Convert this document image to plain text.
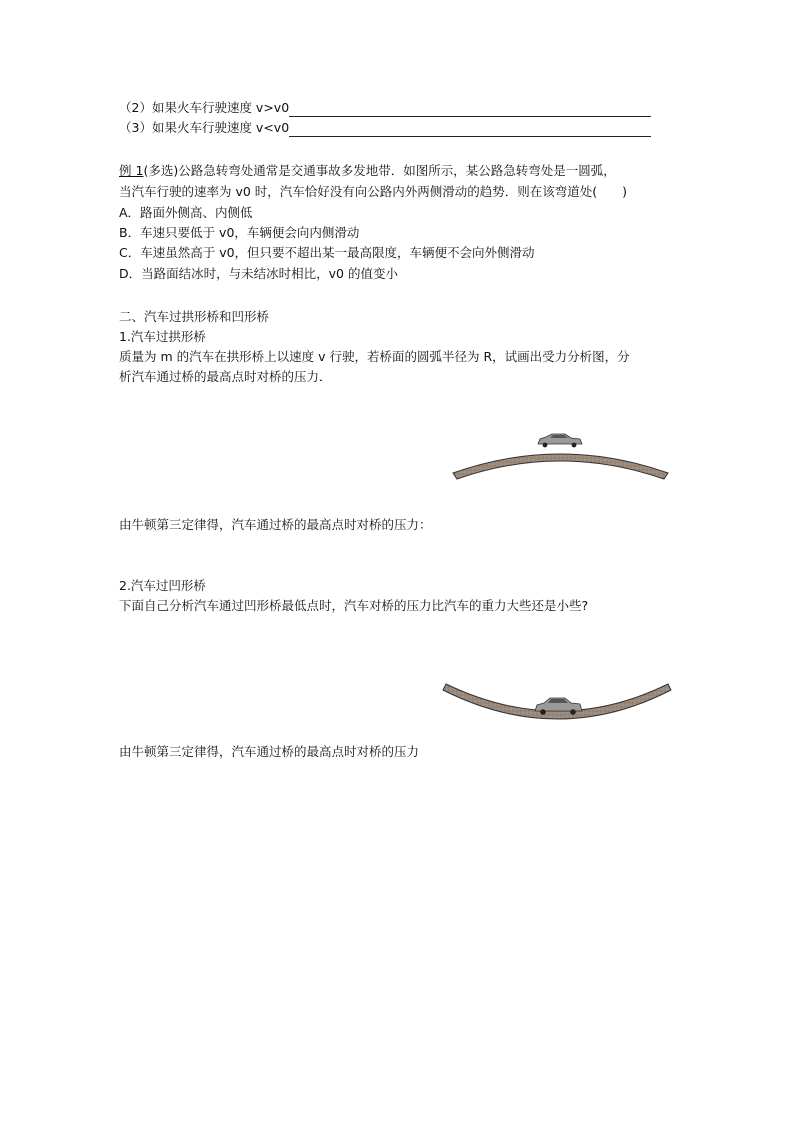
（2）如果火车行驶速度 v>v0
（3）如果火车行驶速度 v<v0
例 1(多选)公路急转弯处通常是交通事故多发地带．如图所示，某公路急转弯处是一圆弧，
当汽车行驶的速率为 v0 时，汽车恰好没有向公路内外两侧滑动的趋势．则在该弯道处(　　)
A．路面外侧高、内侧低
B．车速只要低于 v0，车辆便会向内侧滑动
C．车速虽然高于 v0，但只要不超出某一最高限度，车辆便不会向外侧滑动
D．当路面结冰时，与未结冰时相比，v0 的值变小
二、汽车过拱形桥和凹形桥
1.汽车过拱形桥
质量为 m 的汽车在拱形桥上以速度 v 行驶，若桥面的圆弧半径为 R，试画出受力分析图，分
析汽车通过桥的最高点时对桥的压力．
由牛顿第三定律得，汽车通过桥的最高点时对桥的压力：
2.汽车过凹形桥
下面自己分析汽车通过凹形桥最低点时，汽车对桥的压力比汽车的重力大些还是小些?
由牛顿第三定律得，汽车通过桥的最高点时对桥的压力
